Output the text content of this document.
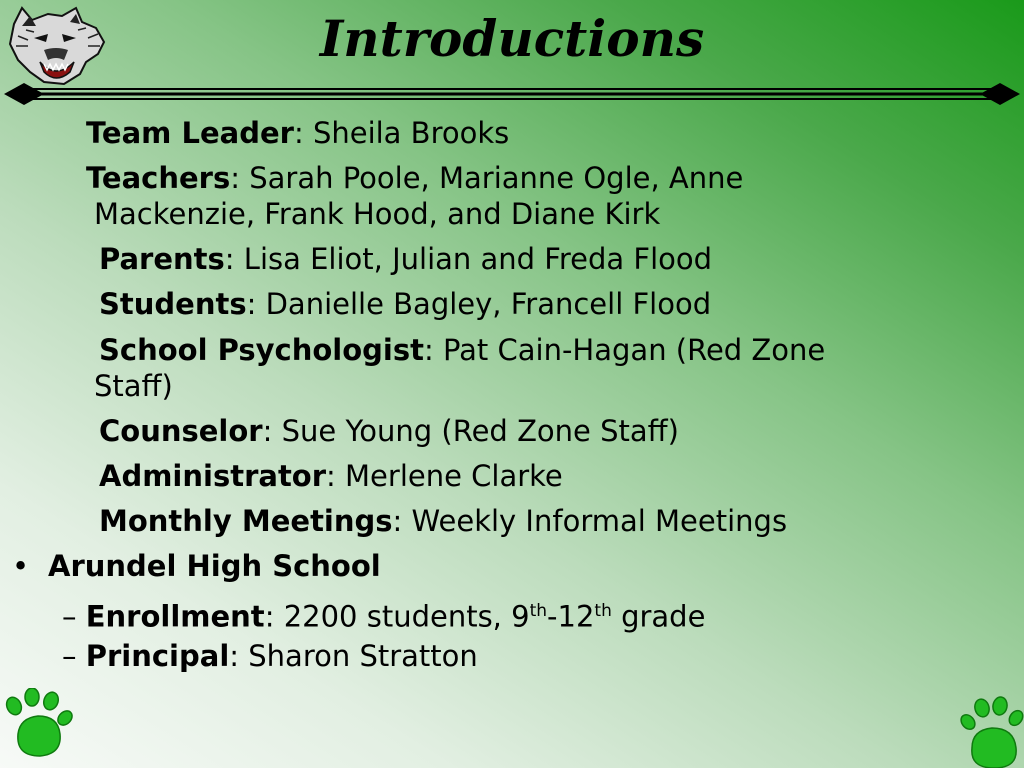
Introductions
Team Leader: Sheila Brooks
Teachers: Sarah Poole, Marianne Ogle, Anne
Mackenzie, Frank Hood, and Diane Kirk
Parents: Lisa Eliot, Julian and Freda Flood
Students: Danielle Bagley, Francell Flood
School Psychologist: Pat Cain-Hagan (Red Zone
Staff)
Counselor: Sue Young (Red Zone Staff)
Administrator: Merlene Clarke
Monthly Meetings: Weekly Informal Meetings
• Arundel High School
– Enrollment: 2200 students, 9th-12th grade
– Principal: Sharon Stratton
